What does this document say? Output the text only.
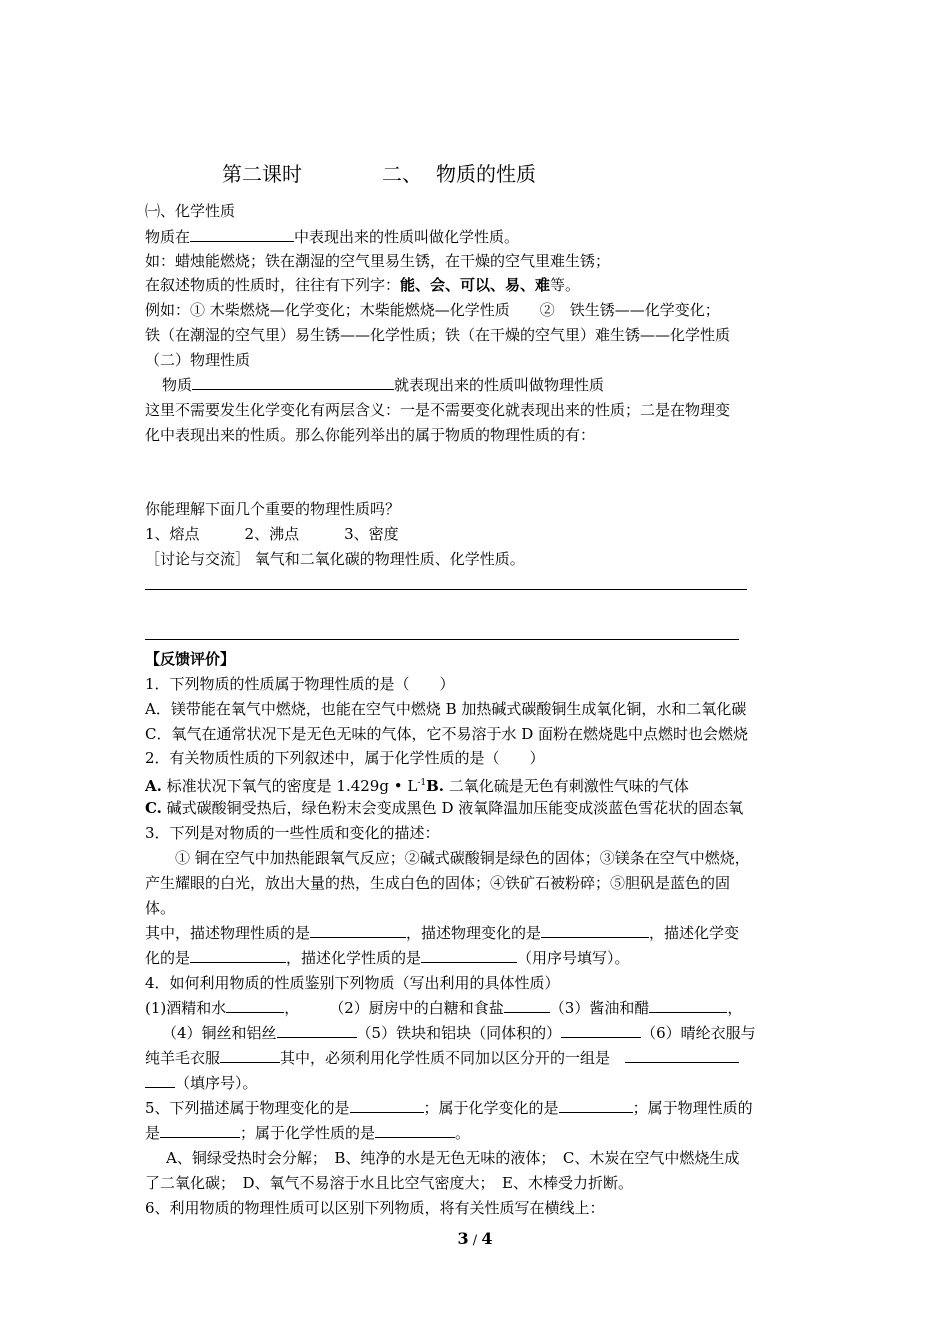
第二课时	二、 物质的性质
㈠、化学性质
物质在	中表现出来的性质叫做化学性质。
如：蜡烛能燃烧；铁在潮湿的空气里易生锈，在干燥的空气里难生锈；
在叙述物质的性质时，往往有下列字：能、会、可以、易、难等。
例如：① 木柴燃烧—化学变化；木柴能燃烧—化学性质　　②　铁生锈——化学变化；
铁（在潮湿的空气里）易生锈——化学性质；铁（在干燥的空气里）难生锈——化学性质
（二）物理性质
物质	就表现出来的性质叫做物理性质
这里不需要发生化学变化有两层含义：一是不需要变化就表现出来的性质；二是在物理变
化中表现出来的性质。那么你能列举出的属于物质的物理性质的有：
你能理解下面几个重要的物理性质吗？
1、熔点　　　2、沸点　　　3、密度
［讨论与交流］ 氧气和二氧化碳的物理性质、化学性质。
【反馈评价】
1．下列物质的性质属于物理性质的是（　　）
A．镁带能在氧气中燃烧，也能在空气中燃烧 B 加热碱式碳酸铜生成氧化铜，水和二氧化碳
C．氧气在通常状况下是无色无味的气体，它不易溶于水 D 面粉在燃烧匙中点燃时也会燃烧
2．有关物质性质的下列叙述中，属于化学性质的是（　　）
A. 标准状况下氧气的密度是 1.429g • $L^{-1}B$. 二氧化硫是无色有刺激性气味的气体
C. 碱式碳酸铜受热后，绿色粉末会变成黑色 D 液氧降温加压能变成淡蓝色雪花状的固态氧
3．下列是对物质的一些性质和变化的描述：
① 铜在空气中加热能跟氧气反应；②碱式碳酸铜是绿色的固体；③镁条在空气中燃烧，
产生耀眼的白光，放出大量的热，生成白色的固体；④铁矿石被粉碎；⑤胆矾是蓝色的固
体。
其中，描述物理性质的是	，描述物理变化的是	，描述化学变
化的是	，描述化学性质的是	（用序号填写）。
4．如何利用物质的性质鉴别下列物质（写出利用的具体性质）
(1)酒精和水	，　　　（2）厨房中的白糖和食盐	（3）酱油和醋	，
（4）铜丝和铝丝	（5）铁块和铝块（同体积的）	（6）晴纶衣服与
纯羊毛衣服	其中，必须利用化学性质不同加以区分开的一组是　
（填序号）。
5、下列描述属于物理变化的是	；属于化学变化的是	；属于物理性质的
是	；属于化学性质的是	。
A、铜绿受热时会分解；　B、纯净的水是无色无味的液体；　C、木炭在空气中燃烧生成
了二氧化碳；　D、氧气不易溶于水且比空气密度大；　E、木棒受力折断。
6、利用物质的物理性质可以区别下列物质，将有关性质写在横线上：
3 / 4
